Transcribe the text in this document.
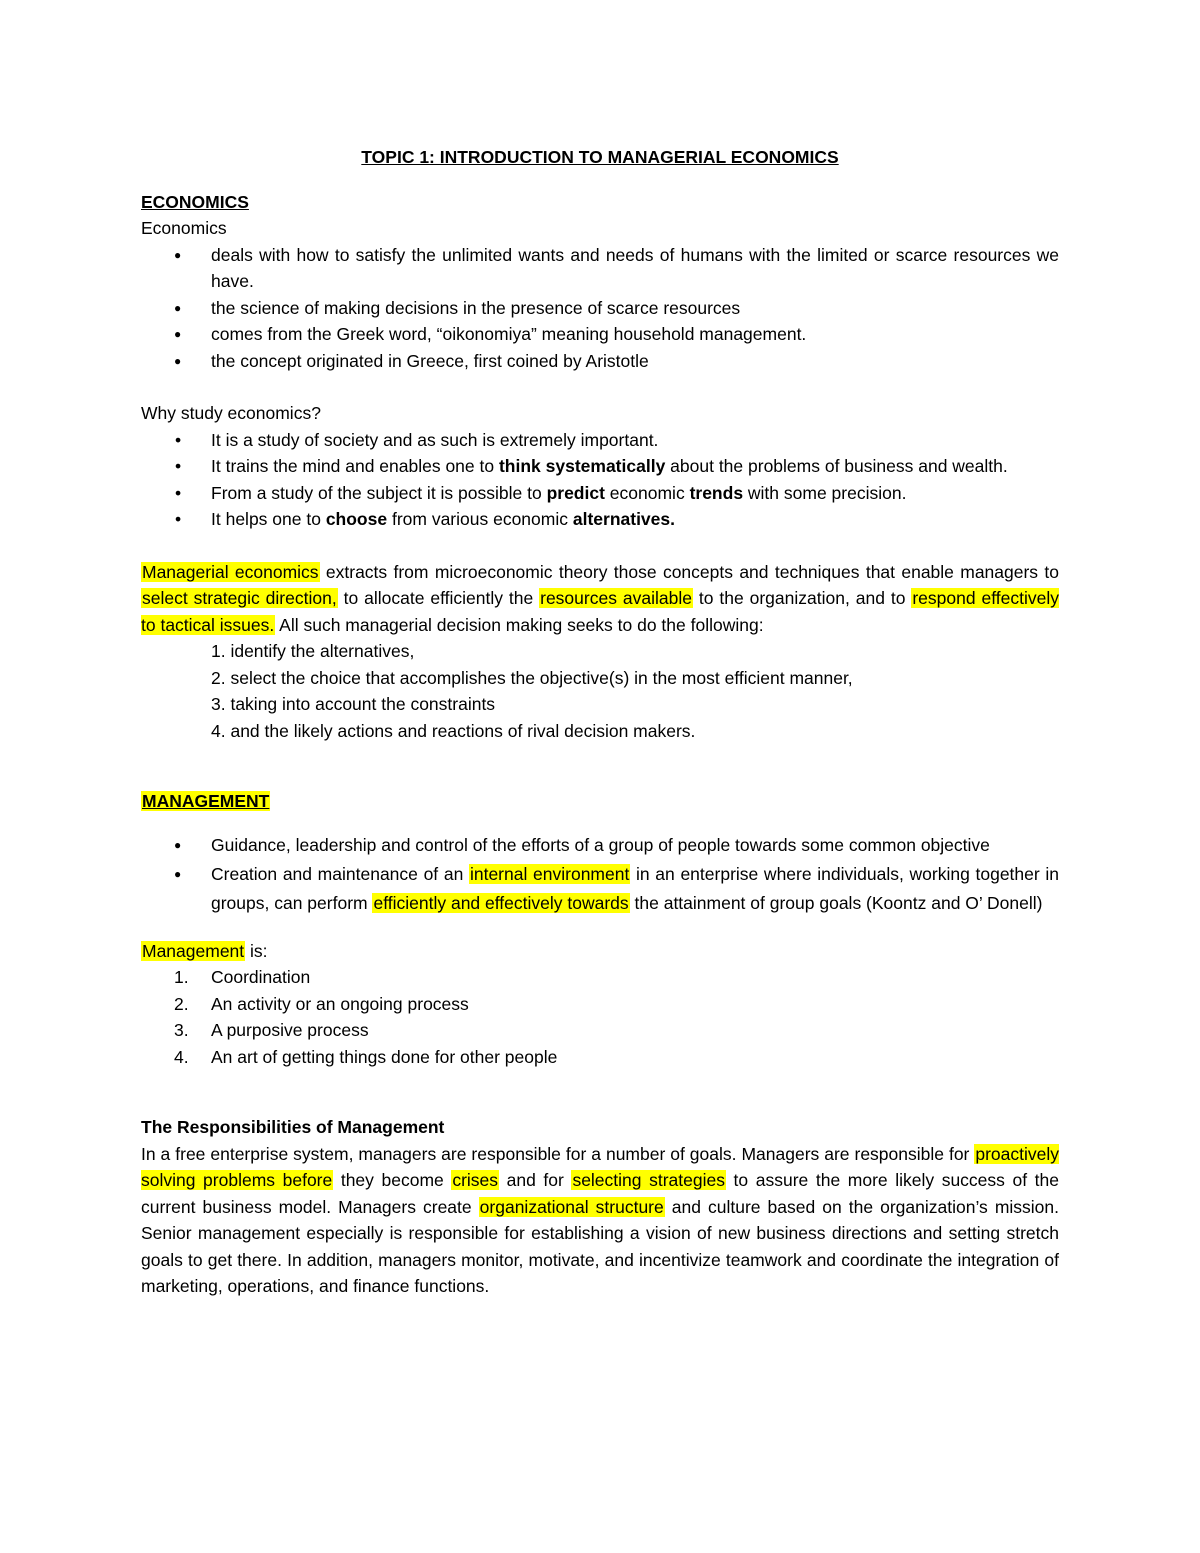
TOPIC 1: INTRODUCTION TO MANAGERIAL ECONOMICS

ECONOMICS

Economics

● deals with how to satisfy the unlimited wants and needs of humans with the limited or scarce resources we have.
● the science of making decisions in the presence of scarce resources
● comes from the Greek word, “oikonomiya” meaning household management.
● the concept originated in Greece, first coined by Aristotle

Why study economics?

• It is a study of society and as such is extremely important.
• It trains the mind and enables one to think systematically about the problems of business and wealth.
• From a study of the subject it is possible to predict economic trends with some precision.
• It helps one to choose from various economic alternatives.

Managerial economics extracts from microeconomic theory those concepts and techniques that enable managers to select strategic direction, to allocate efficiently the resources available to the organization, and to respond effectively to tactical issues. All such managerial decision making seeks to do the following:

1. identify the alternatives,

2. select the choice that accomplishes the objective(s) in the most efficient manner,

3. taking into account the constraints

4. and the likely actions and reactions of rival decision makers.

MANAGEMENT

● Guidance, leadership and control of the efforts of a group of people towards some common objective
● Creation and maintenance of an internal environment in an enterprise where individuals, working together in groups, can perform efficiently and effectively towards the attainment of group goals (Koontz and O’ Donell)

Management is:

1. Coordination
2. An activity or an ongoing process
3. A purposive process
4. An art of getting things done for other people

The Responsibilities of Management

In a free enterprise system, managers are responsible for a number of goals. Managers are responsible for proactively solving problems before they become crises and for selecting strategies to assure the more likely success of the current business model. Managers create organizational structure and culture based on the organization’s mission. Senior management especially is responsible for establishing a vision of new business directions and setting stretch goals to get there. In addition, managers monitor, motivate, and incentivize teamwork and coordinate the integration of marketing, operations, and finance functions.
